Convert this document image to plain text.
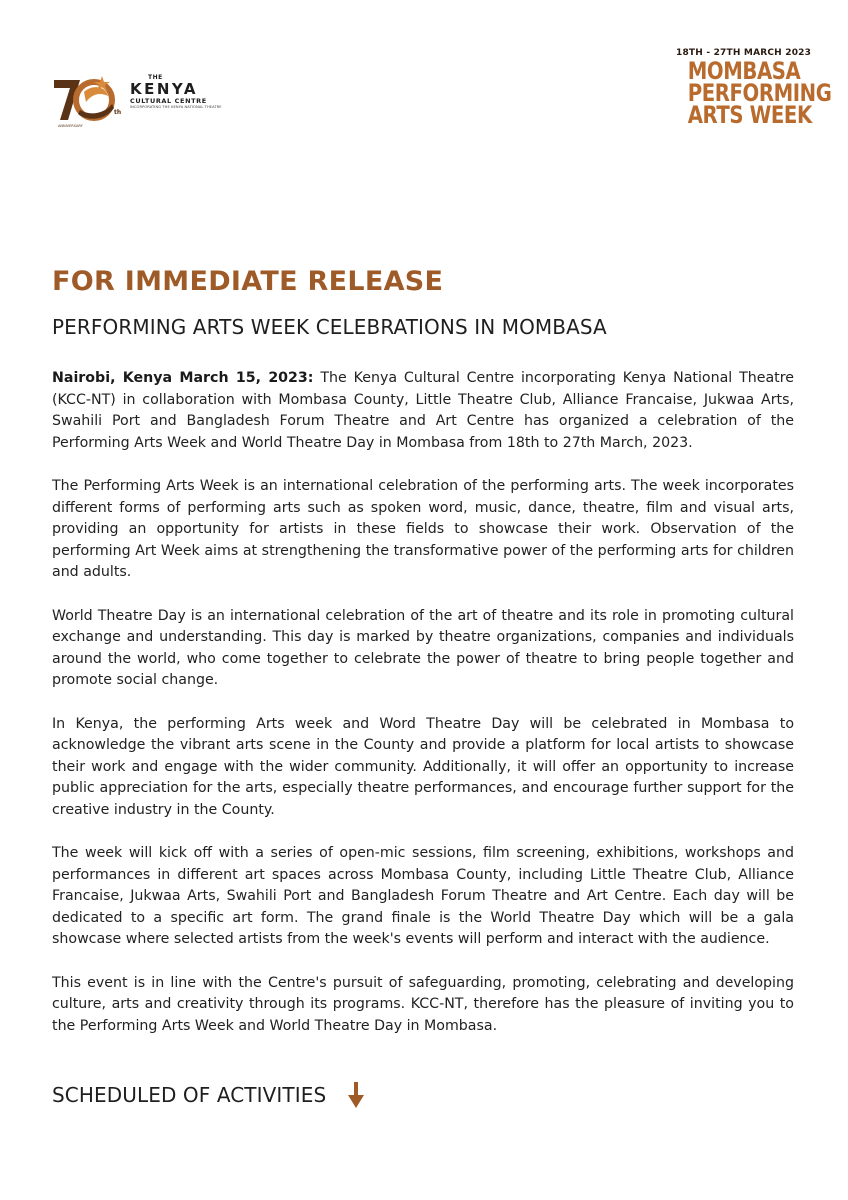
th
ANNIVERSARY
THE
KENYA
CULTURAL CENTRE
INCORPORATING THE KENYA NATIONAL THEATRE
18TH - 27TH MARCH 2023
MOMBASA
PERFORMING
ARTS WEEK
FOR IMMEDIATE RELEASE
PERFORMING ARTS WEEK CELEBRATIONS IN MOMBASA

Nairobi, Kenya March 15, 2023: The Kenya Cultural Centre incorporating Kenya National Theatre (KCC-NT) in collaboration with Mombasa County, Little Theatre Club, Alliance Francaise, Jukwaa Arts, Swahili Port and Bangladesh Forum Theatre and Art Centre has organized a celebration of the Performing Arts Week and World Theatre Day in Mombasa from 18th to 27th March, 2023.

The Performing Arts Week is an international celebration of the performing arts. The week incorporates different forms of performing arts such as spoken word, music, dance, theatre, film and visual arts, providing an opportunity for artists in these fields to showcase their work. Observation of the performing Art Week aims at strengthening the transformative power of the performing arts for children and adults.

World Theatre Day is an international celebration of the art of theatre and its role in promoting cultural exchange and understanding. This day is marked by theatre organizations, companies and individuals around the world, who come together to celebrate the power of theatre to bring people together and promote social change.

In Kenya, the performing Arts week and Word Theatre Day will be celebrated in Mombasa to acknowledge the vibrant arts scene in the County and provide a platform for local artists to showcase their work and engage with the wider community. Additionally, it will offer an opportunity to increase public appreciation for the arts, especially theatre performances, and encourage further support for the creative industry in the County.

The week will kick off with a series of open-mic sessions, film screening, exhibitions, workshops and performances in different art spaces across Mombasa County, including Little Theatre Club, Alliance Francaise, Jukwaa Arts, Swahili Port and Bangladesh Forum Theatre and Art Centre. Each day will be dedicated to a specific art form. The grand finale is the World Theatre Day which will be a gala showcase where selected artists from the week's events will perform and interact with the audience.

This event is in line with the Centre's pursuit of safeguarding, promoting, celebrating and developing culture, arts and creativity through its programs. KCC-NT, therefore has the pleasure of inviting you to the Performing Arts Week and World Theatre Day in Mombasa.

SCHEDULED OF ACTIVITIES
